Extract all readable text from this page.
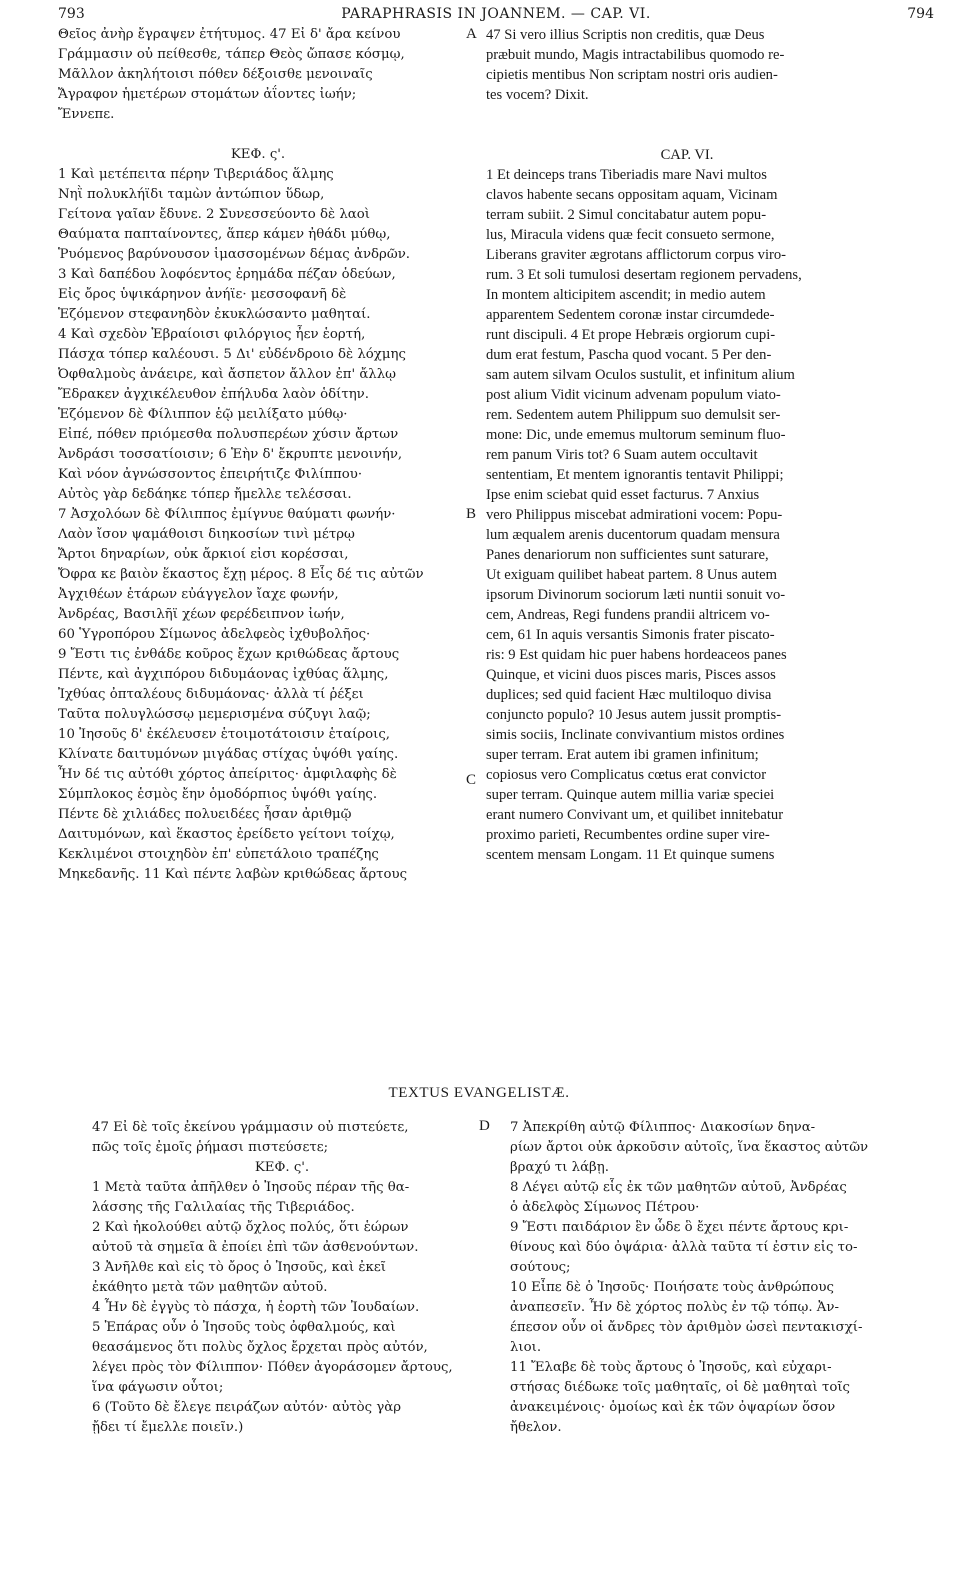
793	PARAPHRASIS IN JOANNEM. — CAP. VI.	794
Θεῖος ἀνὴρ ἔγραψεν ἐτήτυμος. 47 Εἰ δ' ἄρα κείνου
Γράμμασιν οὐ πείθεσθε, τάπερ Θεὸς ὤπασε κόσμῳ,
Μᾶλλον ἀκηλήτοισι πόθεν δέξοισθε μενοιναῖς
Ἄγραφον ἡμετέρων στομάτων ἀΐοντες ἰωήν;
Ἔννεπε.

ΚΕΦ. ς'.
1 Καὶ μετέπειτα πέρην Τιβεριάδος ἅλμης
Νηῒ πολυκλήϊδι ταμὼν ἀντώπιον ὕδωρ,
Γείτονα γαῖαν ἔδυνε. 2 Συνεσσεύοντο δὲ λαοὶ
Θαύματα παπταίνοντες, ἅπερ κάμεν ἠθάδι μύθῳ,
Ῥυόμενος βαρύνουσον ἱμασσομένων δέμας ἀνδρῶν.
3 Καὶ δαπέδου λοφόεντος ἐρημάδα πέζαν ὁδεύων,
Εἰς ὄρος ὑψικάρηνον ἀνήϊε· μεσσοφανῆ δὲ
Ἑζόμενον στεφανηδὸν ἐκυκλώσαντο μαθηταί.
4 Καὶ σχεδὸν Ἑβραίοισι φιλόργιος ἦεν ἑορτή,
Πάσχα τόπερ καλέουσι. 5 Δι' εὐδένδροιο δὲ λόχμης
Ὀφθαλμοὺς ἀνάειρε, καὶ ἄσπετον ἄλλον ἐπ' ἄλλῳ
Ἔδρακεν ἀγχικέλευθον ἐπήλυδα λαὸν ὁδίτην.
Ἑζόμενον δὲ Φίλιππον ἑῷ μειλίξατο μύθῳ·
Εἰπέ, πόθεν πριόμεσθα πολυσπερέων χύσιν ἄρτων
Ἀνδράσι τοσσατίοισιν; 6 Ἑὴν δ' ἔκρυπτε μενοινήν,
Καὶ νόον ἀγνώσσοντος ἐπειρήτιζε Φιλίππου·
Αὐτὸς γὰρ δεδάηκε τόπερ ἤμελλε τελέσσαι.
7 Ἀσχολόων δὲ Φίλιππος ἐμίγνυε θαύματι φωνήν·
Λαὸν ἴσον ψαμάθοισι διηκοσίων τινὶ μέτρῳ
Ἄρτοι δηναρίων, οὐκ ἄρκιοί εἰσι κορέσσαι,
Ὄφρα κε βαιὸν ἕκαστος ἔχῃ μέρος. 8 Εἷς δέ τις αὐτῶν
Ἀγχιθέων ἑτάρων εὐάγγελον ἴαχε φωνήν,
Ἀνδρέας, Βασιλῆϊ χέων φερέδειπνον ἰωήν,
60 Ὑγροπόρου Σίμωνος ἀδελφεὸς ἰχθυβολῆος·
9 Ἔστι τις ἐνθάδε κοῦρος ἔχων κριθώδεας ἄρτους
Πέντε, καὶ ἀγχιπόρου διδυμάονας ἰχθύας ἅλμης,
Ἰχθύας ὀπταλέους διδυμάονας· ἀλλὰ τί ῥέξει
Ταῦτα πολυγλώσσῳ μεμερισμένα σύζυγι λαῷ;
10 Ἰησοῦς δ' ἐκέλευσεν ἑτοιμοτάτοισιν ἑταίροις,
Κλίνατε δαιτυμόνων μιγάδας στίχας ὑψόθι γαίης.
Ἦν δέ τις αὐτόθι χόρτος ἀπείριτος· ἀμφιλαφὴς δὲ
Σύμπλοκος ἑσμὸς ἔην ὁμοδόρπιος ὑψόθι γαίης.
Πέντε δὲ χιλιάδες πολυειδέες ἦσαν ἀριθμῷ
Δαιτυμόνων, καὶ ἕκαστος ἐρείδετο γείτονι τοίχῳ,
Κεκλιμένοι στοιχηδὸν ἐπ' εὐπετάλοιο τραπέζης
Μηκεδανῆς. 11 Καὶ πέντε λαβὼν κριθώδεας ἄρτους
47 Si vero illius Scriptis non creditis, quæ Deus
præbuit mundo, Magis intractabilibus quomodo re-
cipietis mentibus Non scriptam nostri oris audien-
tes vocem? Dixit.

CAP. VI.
1 Et deinceps trans Tiberiadis mare Navi multos
clavos habente secans oppositam aquam, Vicinam
terram subiit. 2 Simul concitabatur autem popu-
lus, Miracula videns quæ fecit consueto sermone,
Liberans graviter ægrotans afflictorum corpus viro-
rum. 3 Et soli tumulosi desertam regionem pervadens,
In montem alticipitem ascendit; in medio autem
apparentem Sedentem coronæ instar circumdede-
runt discipuli. 4 Et prope Hebræis orgiorum cupi-
dum erat festum, Pascha quod vocant. 5 Per den-
sam autem silvam Oculos sustulit, et infinitum alium
post alium Vidit vicinum advenam populum viato-
rem. Sedentem autem Philippum suo demulsit ser-
mone: Dic, unde ememus multorum seminum fluo-
rem panum Viris tot? 6 Suam autem occultavit
sententiam, Et mentem ignorantis tentavit Philippi;
Ipse enim sciebat quid esset facturus. 7 Anxius
vero Philippus miscebat admirationi vocem: Popu-
lum æqualem arenis ducentorum quadam mensura
Panes denariorum non sufficientes sunt saturare,
Ut exiguam quilibet habeat partem. 8 Unus autem
ipsorum Divinorum sociorum læti nuntii sonuit vo-
cem, Andreas, Regi fundens prandii altricem vo-
cem, 61 In aquis versantis Simonis frater piscato-
ris: 9 Est quidam hic puer habens hordeaceos panes
Quinque, et vicini duos pisces maris, Pisces assos
duplices; sed quid facient Hæc multiloquo divisa
conjuncto populo? 10 Jesus autem jussit promptis-
simis sociis, Inclinate convivantium mistos ordines
super terram. Erat autem ibi gramen infinitum;
copiosus vero Complicatus cœtus erat convictor
super terram. Quinque autem millia variæ speciei
erant numero Convivant um, et quilibet innitebatur
proximo parieti, Recumbentes ordine super vire-
scentem mensam Longam. 11 Et quinque sumens
A
B
C
TEXTUS EVANGELISTÆ.
47 Εἰ δὲ τοῖς ἐκείνου γράμμασιν οὐ πιστεύετε,
πῶς τοῖς ἐμοῖς ῥήμασι πιστεύσετε;
ΚΕΦ. ς'.
1 Μετὰ ταῦτα ἀπῆλθεν ὁ Ἰησοῦς πέραν τῆς θα-
λάσσης τῆς Γαλιλαίας τῆς Τιβεριάδος.
2 Καὶ ἠκολούθει αὐτῷ ὄχλος πολύς, ὅτι ἑώρων
αὐτοῦ τὰ σημεῖα ἃ ἐποίει ἐπὶ τῶν ἀσθενούντων.
3 Ἀνῆλθε καὶ εἰς τὸ ὄρος ὁ Ἰησοῦς, καὶ ἐκεῖ
ἐκάθητο μετὰ τῶν μαθητῶν αὐτοῦ.
4 Ἦν δὲ ἐγγὺς τὸ πάσχα, ἡ ἑορτὴ τῶν Ἰουδαίων.
5 Ἐπάρας οὖν ὁ Ἰησοῦς τοὺς ὀφθαλμούς, καὶ
θεασάμενος ὅτι πολὺς ὄχλος ἔρχεται πρὸς αὐτόν,
λέγει πρὸς τὸν Φίλιππον· Πόθεν ἀγοράσομεν ἄρτους,
ἵνα φάγωσιν οὗτοι;
6 (Τοῦτο δὲ ἔλεγε πειράζων αὐτόν· αὐτὸς γὰρ
ᾔδει τί ἔμελλε ποιεῖν.)
D 7 Ἀπεκρίθη αὐτῷ Φίλιππος· Διακοσίων δηνα-
ρίων ἄρτοι οὐκ ἀρκοῦσιν αὐτοῖς, ἵνα ἕκαστος αὐτῶν
βραχύ τι λάβῃ.
8 Λέγει αὐτῷ εἷς ἐκ τῶν μαθητῶν αὐτοῦ, Ἀνδρέας
ὁ ἀδελφὸς Σίμωνος Πέτρου·
9 Ἔστι παιδάριον ἓν ὧδε ὃ ἔχει πέντε ἄρτους κρι-
θίνους καὶ δύο ὀψάρια· ἀλλὰ ταῦτα τί ἐστιν εἰς το-
σούτους;
10 Εἶπε δὲ ὁ Ἰησοῦς· Ποιήσατε τοὺς ἀνθρώπους
ἀναπεσεῖν. Ἦν δὲ χόρτος πολὺς ἐν τῷ τόπῳ. Ἀν-
έπεσον οὖν οἱ ἄνδρες τὸν ἀριθμὸν ὡσεὶ πεντακισχί-
λιοι.
11 Ἔλαβε δὲ τοὺς ἄρτους ὁ Ἰησοῦς, καὶ εὐχαρι-
στήσας διέδωκε τοῖς μαθηταῖς, οἱ δὲ μαθηταὶ τοῖς
ἀνακειμένοις· ὁμοίως καὶ ἐκ τῶν ὀψαρίων ὅσον
ἤθελον.
